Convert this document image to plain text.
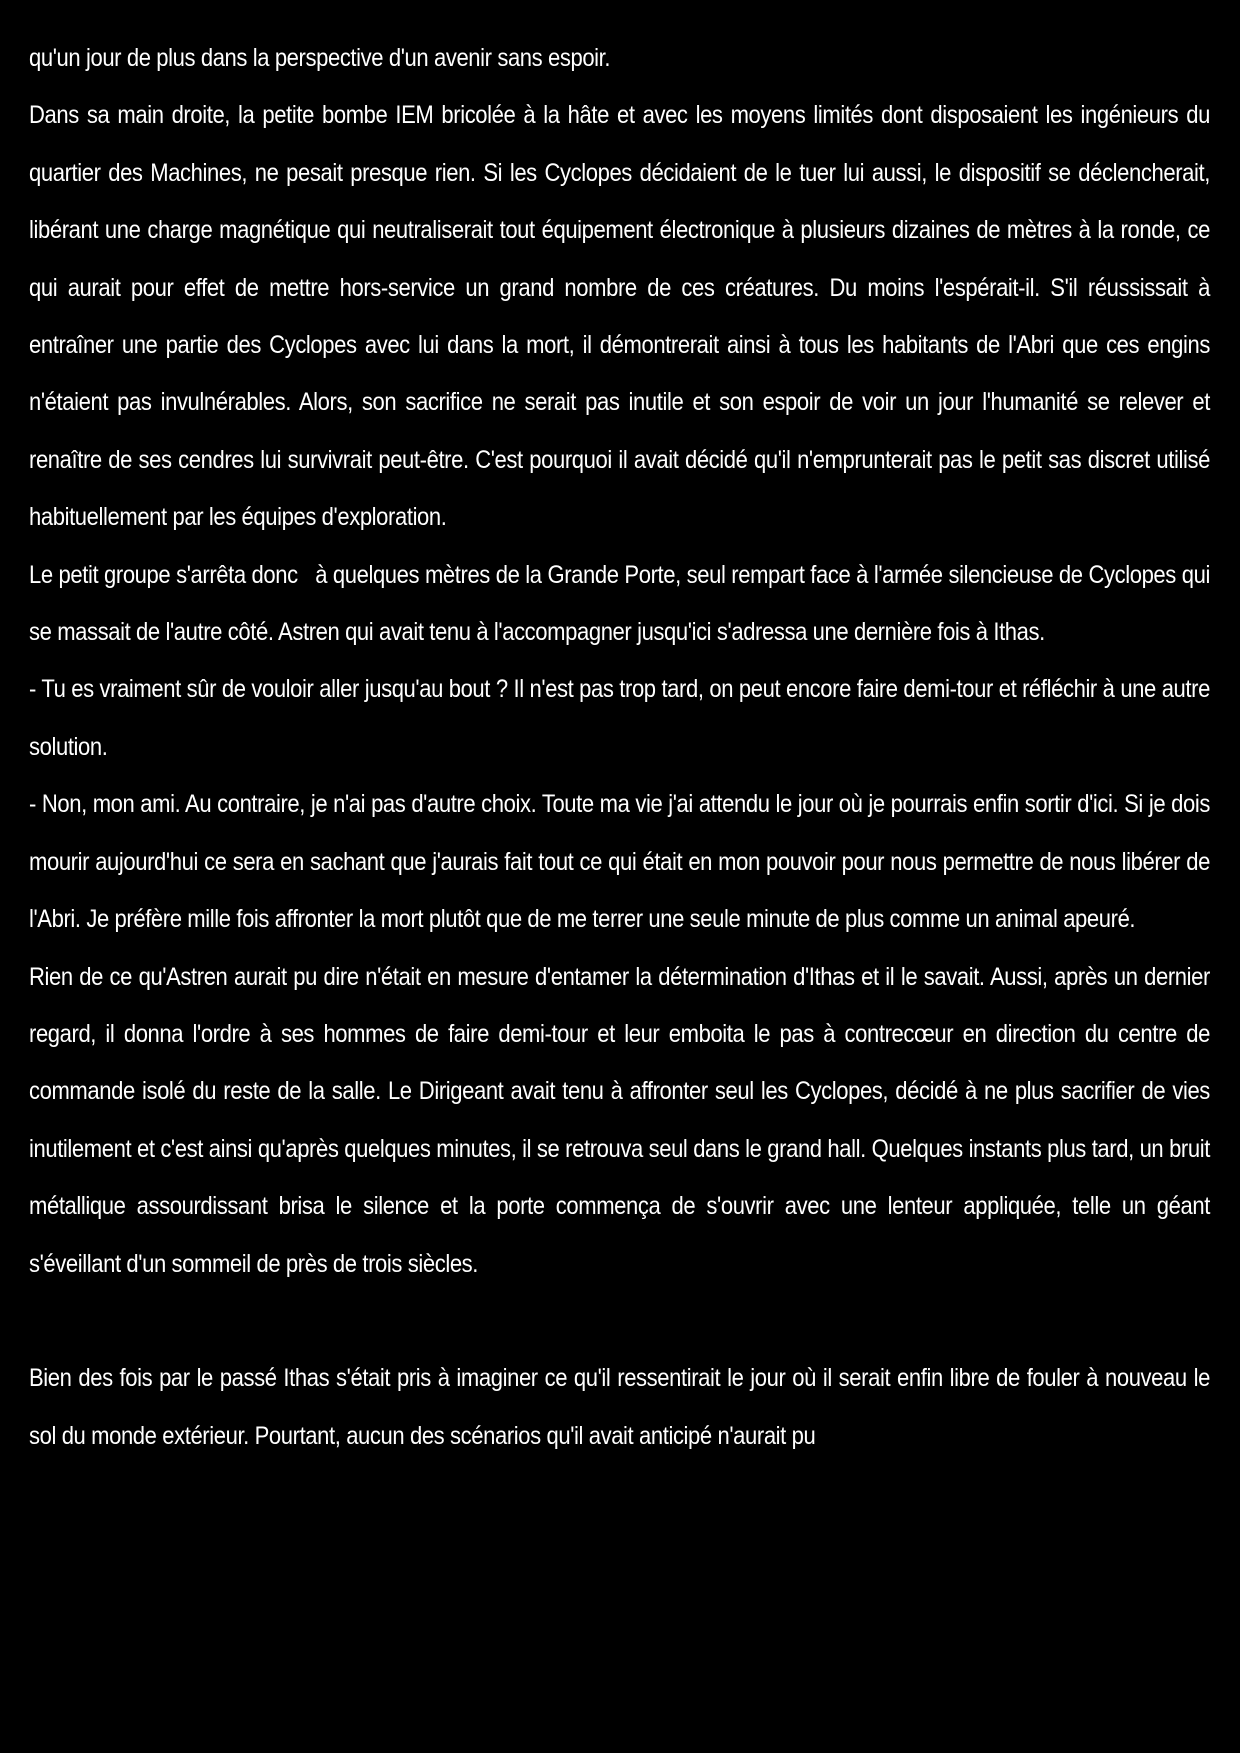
qu'un jour de plus dans la perspective d'un avenir sans espoir.

Dans sa main droite, la petite bombe IEM bricolée à la hâte et avec les moyens limités dont disposaient les ingénieurs du quartier des Machines, ne pesait presque rien. Si les Cyclopes décidaient de le tuer lui aussi, le dispositif se déclencherait, libérant une charge magnétique qui neutraliserait tout équipement électronique à plusieurs dizaines de mètres à la ronde, ce qui aurait pour effet de mettre hors-service un grand nombre de ces créatures. Du moins l'espérait-il. S'il réussissait à entraîner une partie des Cyclopes avec lui dans la mort, il démontrerait ainsi à tous les habitants de l'Abri que ces engins n'étaient pas invulnérables. Alors, son sacrifice ne serait pas inutile et son espoir de voir un jour l'humanité se relever et renaître de ses cendres lui survivrait peut-être. C'est pourquoi il avait décidé qu'il n'emprunterait pas le petit sas discret utilisé habituellement par les équipes d'exploration.

Le petit groupe s'arrêta donc   à quelques mètres de la Grande Porte, seul rempart face à l'armée silencieuse de Cyclopes qui se massait de l'autre côté. Astren qui avait tenu à l'accompagner jusqu'ici s'adressa une dernière fois à Ithas.

- Tu es vraiment sûr de vouloir aller jusqu'au bout ? Il n'est pas trop tard, on peut encore faire demi-tour et réfléchir à une autre solution.

- Non, mon ami. Au contraire, je n'ai pas d'autre choix. Toute ma vie j'ai attendu le jour où je pourrais enfin sortir d'ici. Si je dois mourir aujourd'hui ce sera en sachant que j'aurais fait tout ce qui était en mon pouvoir pour nous permettre de nous libérer de l'Abri. Je préfère mille fois affronter la mort plutôt que de me terrer une seule minute de plus comme un animal apeuré.

Rien de ce qu'Astren aurait pu dire n'était en mesure d'entamer la détermination d'Ithas et il le savait. Aussi, après un dernier regard, il donna l'ordre à ses hommes de faire demi-tour et leur emboita le pas à contrecœur en direction du centre de commande isolé du reste de la salle. Le Dirigeant avait tenu à affronter seul les Cyclopes, décidé à ne plus sacrifier de vies inutilement et c'est ainsi qu'après quelques minutes, il se retrouva seul dans le grand hall. Quelques instants plus tard, un bruit métallique assourdissant brisa le silence et la porte commença de s'ouvrir avec une lenteur appliquée, telle un géant s'éveillant d'un sommeil de près de trois siècles.

Bien des fois par le passé Ithas s'était pris à imaginer ce qu'il ressentirait le jour où il serait enfin libre de fouler à nouveau le sol du monde extérieur. Pourtant, aucun des scénarios qu'il avait anticipé n'aurait pu
